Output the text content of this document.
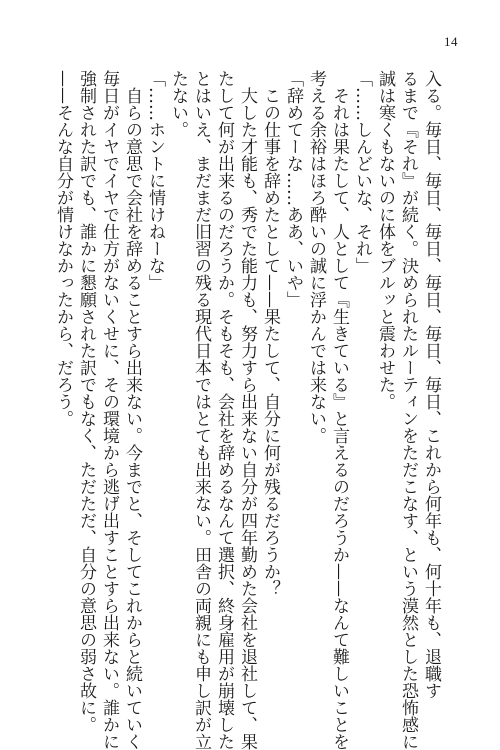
14
入る。毎日、毎日、毎日、毎日、毎日、毎日、これから何年も、何十年も、退職す
るまで『それ』が続く。決められたルーティンをただこなす、という漠然とした恐怖感に
誠は寒くもないのに体をブルッと震わせた。
「……しんどいな、それ」
それは果たして、人として『生きている』と言えるのだろうか——なんて難しいことを
考える余裕はほろ酔いの誠に浮かんでは来ない。
「辞めてーな……ああ、いや」
この仕事を辞めたとして——果たして、自分に何が残るだろうか？
大した才能も、秀でた能力も、努力すら出来ない自分が四年勤めた会社を退社して、果
たして何が出来るのだろうか。そもそも、会社を辞めるなんて選択、終身雇用が崩壊した
とはいえ、まだまだ旧習の残る現代日本ではとても出来ない。田舎の両親にも申し訳が立
たない。
「……ホントに情けねーな」
自らの意思で会社を辞めることすら出来ない。今までと、そしてこれからと続いていく
毎日がイヤでイヤで仕方がないくせに、その環境から逃げ出すことすら出来ない。誰かに
強制された訳でも、誰かに懇願された訳でもなく、ただただ、自分の意思の弱さ故に。
——そんな自分が情けなかったから、だろう。
